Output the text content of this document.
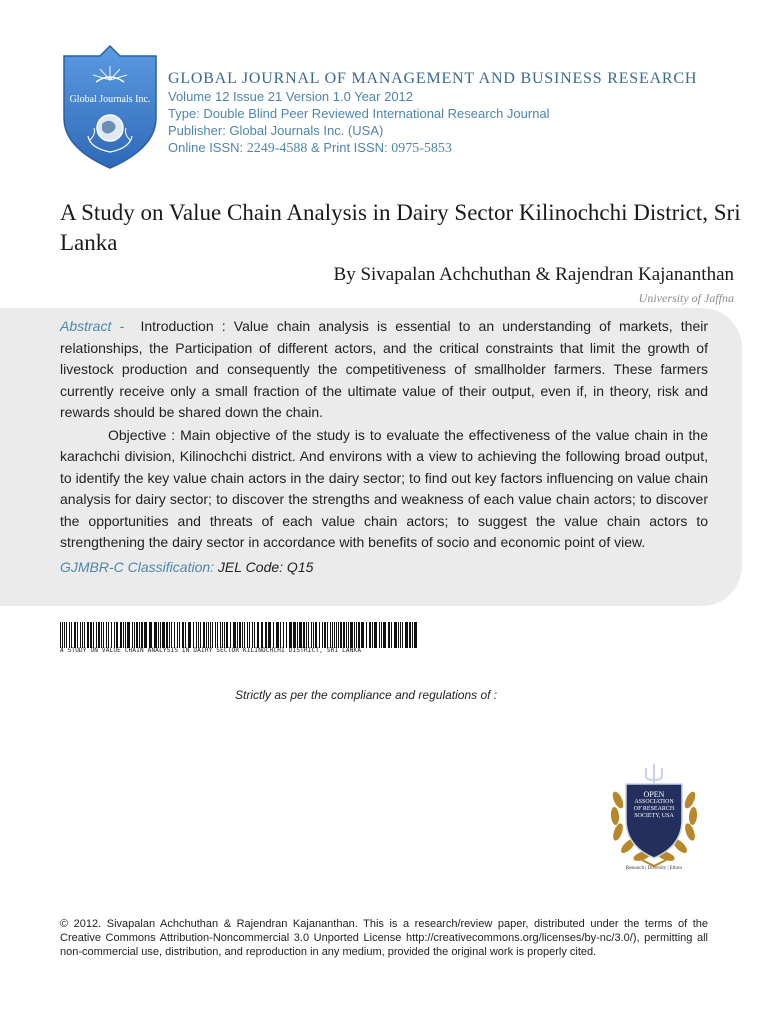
Global Journals Inc.
GLOBAL JOURNAL OF MANAGEMENT AND BUSINESS RESEARCH
Volume 12 Issue 21 Version 1.0 Year 2012
Type: Double Blind Peer Reviewed International Research Journal
Publisher: Global Journals Inc. (USA)
Online ISSN: 2249-4588 & Print ISSN: 0975-5853
A Study on Value Chain Analysis in Dairy Sector Kilinochchi District, Sri Lanka
By Sivapalan Achchuthan & Rajendran Kajananthan
University of Jaffna

Abstract - Introduction : Value chain analysis is essential to an understanding of markets, their relationships, the Participation of different actors, and the critical constraints that limit the growth of livestock production and consequently the competitiveness of smallholder farmers. These farmers currently receive only a small fraction of the ultimate value of their output, even if, in theory, risk and rewards should be shared down the chain.

Objective : Main objective of the study is to evaluate the effectiveness of the value chain in the karachchi division, Kilinochchi district. And environs with a view to achieving the following broad output, to identify the key value chain actors in the dairy sector; to find out key factors influencing on value chain analysis for dairy sector; to discover the strengths and weakness of each value chain actors; to discover the opportunities and threats of each value chain actors; to suggest the value chain actors to strengthening the dairy sector in accordance with benefits of socio and economic point of view.

GJMBR-C Classification: JEL Code: Q15

A STUDY ON VALUE CHAIN ANALYSIS IN DAIRY SECTOR KILINOCHCHI DISTRICT, SRI LANKA
Strictly as per the compliance and regulations of :
OPEN
ASSOCIATION
OF RESEARCH
SOCIETY, USA
Research | Diversity | Ethics
© 2012. Sivapalan Achchuthan & Rajendran Kajananthan. This is a research/review paper, distributed under the terms of the Creative Commons Attribution-Noncommercial 3.0 Unported License http://creativecommons.org/licenses/by-nc/3.0/), permitting all non-commercial use, distribution, and reproduction in any medium, provided the original work is properly cited.
